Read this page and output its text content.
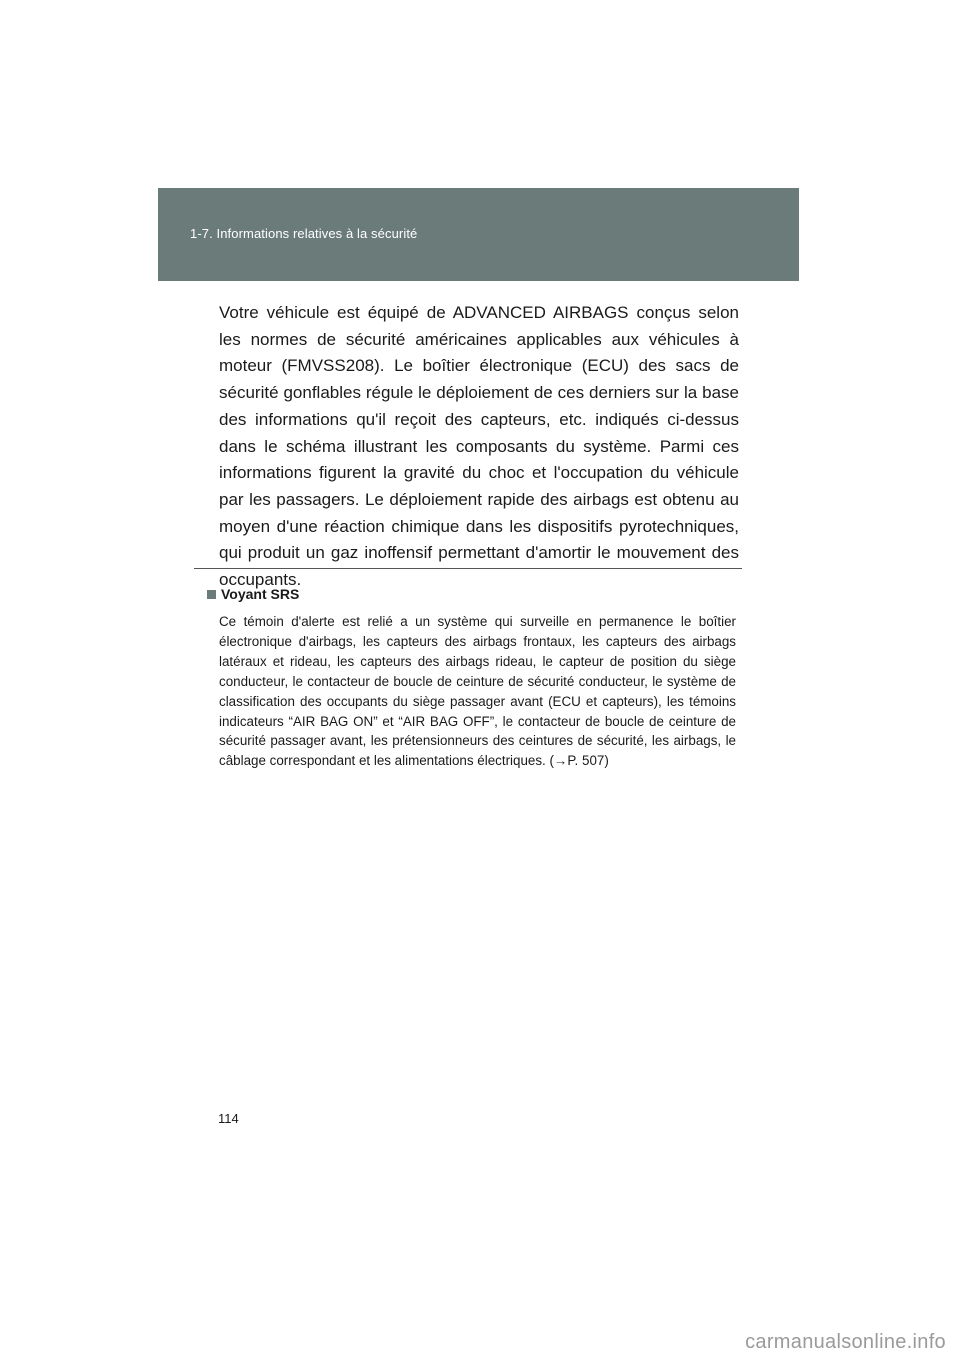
1-7. Informations relatives à la sécurité

Votre véhicule est équipé de ADVANCED AIRBAGS conçus selon les normes de sécurité américaines applicables aux véhicules à moteur (FMVSS208). Le boîtier électronique (ECU) des sacs de sécurité gonflables régule le déploiement de ces derniers sur la base des informations qu'il reçoit des capteurs, etc. indiqués ci-dessus dans le schéma illustrant les composants du système. Parmi ces informations figurent la gravité du choc et l'occupation du véhicule par les passagers. Le déploiement rapide des airbags est obtenu au moyen d'une réaction chimique dans les dispositifs pyrotechniques, qui produit un gaz inoffensif permettant d'amortir le mouvement des occupants.

Voyant SRS

Ce témoin d'alerte est relié a un système qui surveille en permanence le boîtier électronique d'airbags, les capteurs des airbags frontaux, les capteurs des airbags latéraux et rideau, les capteurs des airbags rideau, le capteur de position du siège conducteur, le contacteur de boucle de ceinture de sécurité conducteur, le système de classification des occupants du siège passager avant (ECU et capteurs), les témoins indicateurs “AIR BAG ON” et “AIR BAG OFF”, le contacteur de boucle de ceinture de sécurité passager avant, les prétensionneurs des ceintures de sécurité, les airbags, le câblage correspondant et les alimentations électriques. (→P. 507)

114
carmanualsonline.info
